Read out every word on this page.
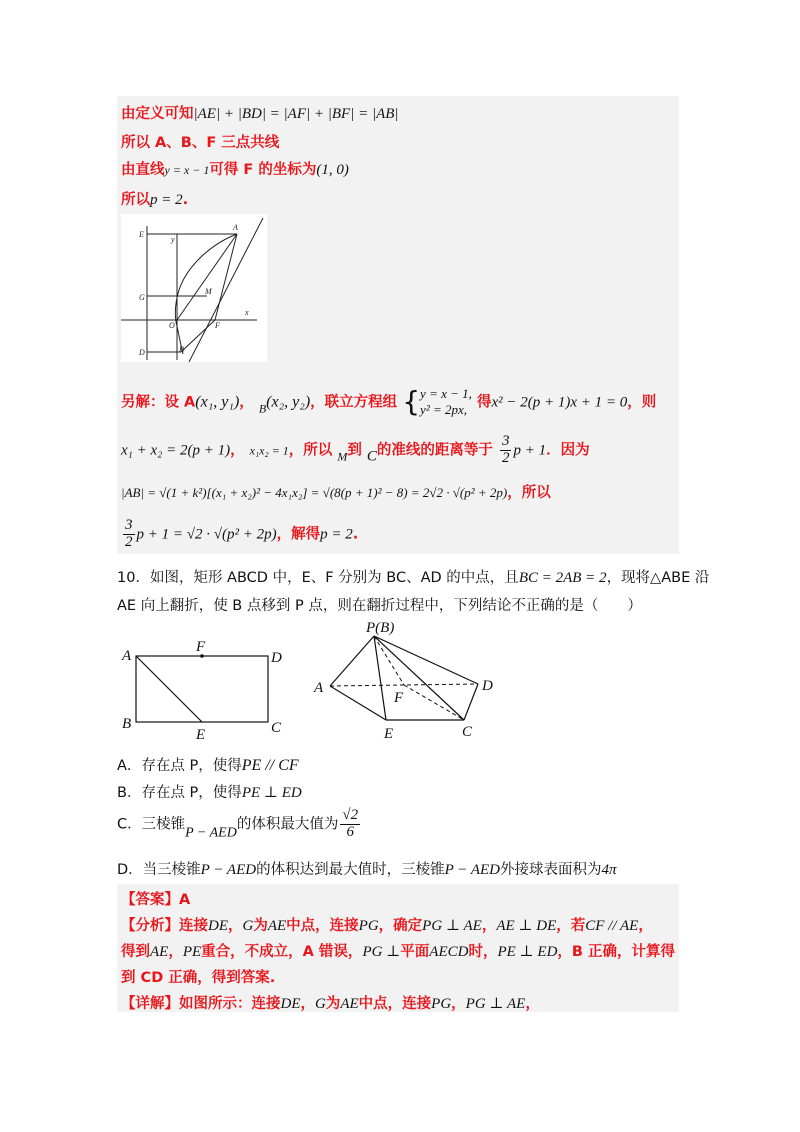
由定义可知|AE| + |BD| = |AF| + |BF| = |AB|
所以 A、B、F 三点共线
由直线y = x − 1可得 F 的坐标为(1, 0)
所以p = 2.
E
y
A
G
M
x
O	F
D	B
另解：设 A(x₁, y₁)， $_B$(x₂, y₂)，联立方程组 { y = x − 1,
y² = 2px, 得x² − 2(p + 1)x + 1 = 0，则
x₁ + x₂ = 2(p + 1)， x₁x₂ = 1，所以 $_M$到 C的准线的距离等于 $\frac{3}{2}$ p + 1．因为
|AB| = √(1 + k²)[(x₁ + x₂)² − 4x₁x₂] = √(8(p + 1)² − 8) = 2√2 · √(p² + 2p)，所以
$\frac{3}{2}$ p + 1 = √2 · √(p² + 2p)，解得p = 2.
10．如图，矩形 ABCD 中，E、F 分别为 BC、AD 的中点，且BC = 2AB = 2，现将△ABE 沿
AE 向上翻折，使 B 点移到 P 点，则在翻折过程中，下列结论不正确的是（　　）
A
F
D
B
E	C
P(B)
A
F
D
E	C
A．存在点 P，使得PE // CF
B．存在点 P，使得PE ⊥ ED
C．三棱锥P − AED的体积最大值为 $\frac{√2}{6}$
D．当三棱锥P − AED的体积达到最大值时，三棱锥P − AED外接球表面积为4π
【答案】A
【分析】连接DE，G为AE中点，连接PG，确定PG ⊥ AE，AE ⊥ DE，若CF // AE，
得到AE，PE重合，不成立，A 错误，PG ⊥平面AECD时，PE ⊥ ED，B 正确，计算得
到 CD 正确，得到答案.
【详解】如图所示：连接DE，G为AE中点，连接PG，PG ⊥ AE，
